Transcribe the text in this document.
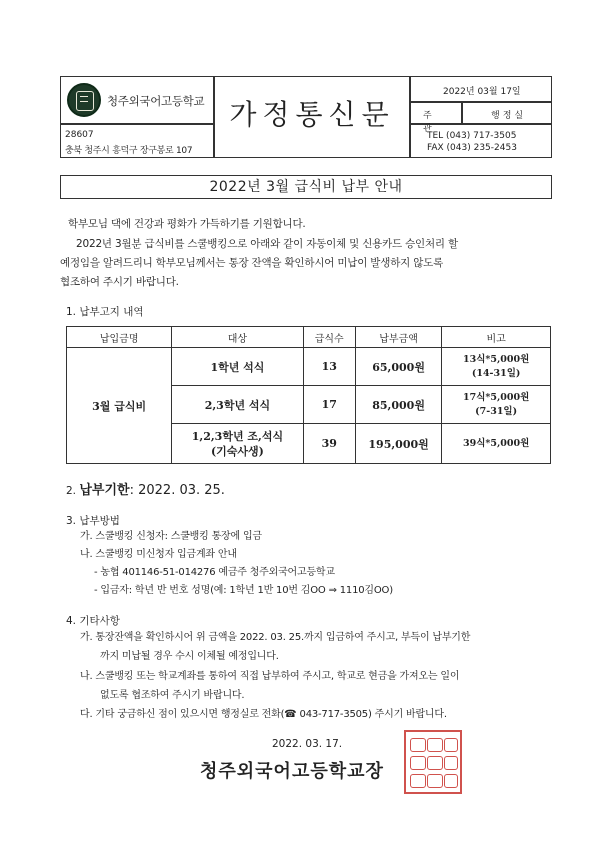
청주외국어고등학교
28607
충북 청주시 흥덕구 장구봉로 107
가정통신문
2022년 03월 17일
주 관
행정실
TEL (043) 717-3505
FAX (043) 235-2453
2022년 3월 급식비 납부 안내
학부모님 댁에 건강과 평화가 가득하기를 기원합니다.
2022년 3월분 급식비를 스쿨뱅킹으로 아래와 같이 자동이체 및 신용카드 승인처리 할
예정임을 알려드리니 학부모님께서는 통장 잔액을 확인하시어 미납이 발생하지 않도록
협조하여 주시기 바랍니다.
1. 납부고지 내역
납입금명	대상	급식수	납부금액	비고
3월 급식비	1학년 석식	13	65,000원	13식*5,000원
(14-31일)

	2,3학년 석식	17	85,000원	17식*5,000원
(7-31일)

	1,2,3학년 조,석식
(기숙사생)	39	195,000원	39식*5,000원
2. 납부기한: 2022. 03. 25.
3. 납부방법
가. 스쿨뱅킹 신청자: 스쿨뱅킹 통장에 입금
나. 스쿨뱅킹 미신청자 입금계좌 안내
- 농협 401146-51-014276 예금주 청주외국어고등학교
- 입금자: 학년 반 번호 성명(예: 1학년 1반 10번 김OO ⇒ 1110김OO)
4. 기타사항
가. 통장잔액을 확인하시어 위 금액을 2022. 03. 25.까지 입금하여 주시고, 부득이 납부기한
까지 미납될 경우 수시 이체될 예정입니다.
나. 스쿨뱅킹 또는 학교계좌를 통하여 직접 납부하여 주시고, 학교로 현금을 가져오는 일이
없도록 협조하여 주시기 바랍니다.
다. 기타 궁금하신 점이 있으시면 행정실로 전화(☎ 043-717-3505) 주시기 바랍니다.
2022. 03. 17.
청주외국어고등학교장
